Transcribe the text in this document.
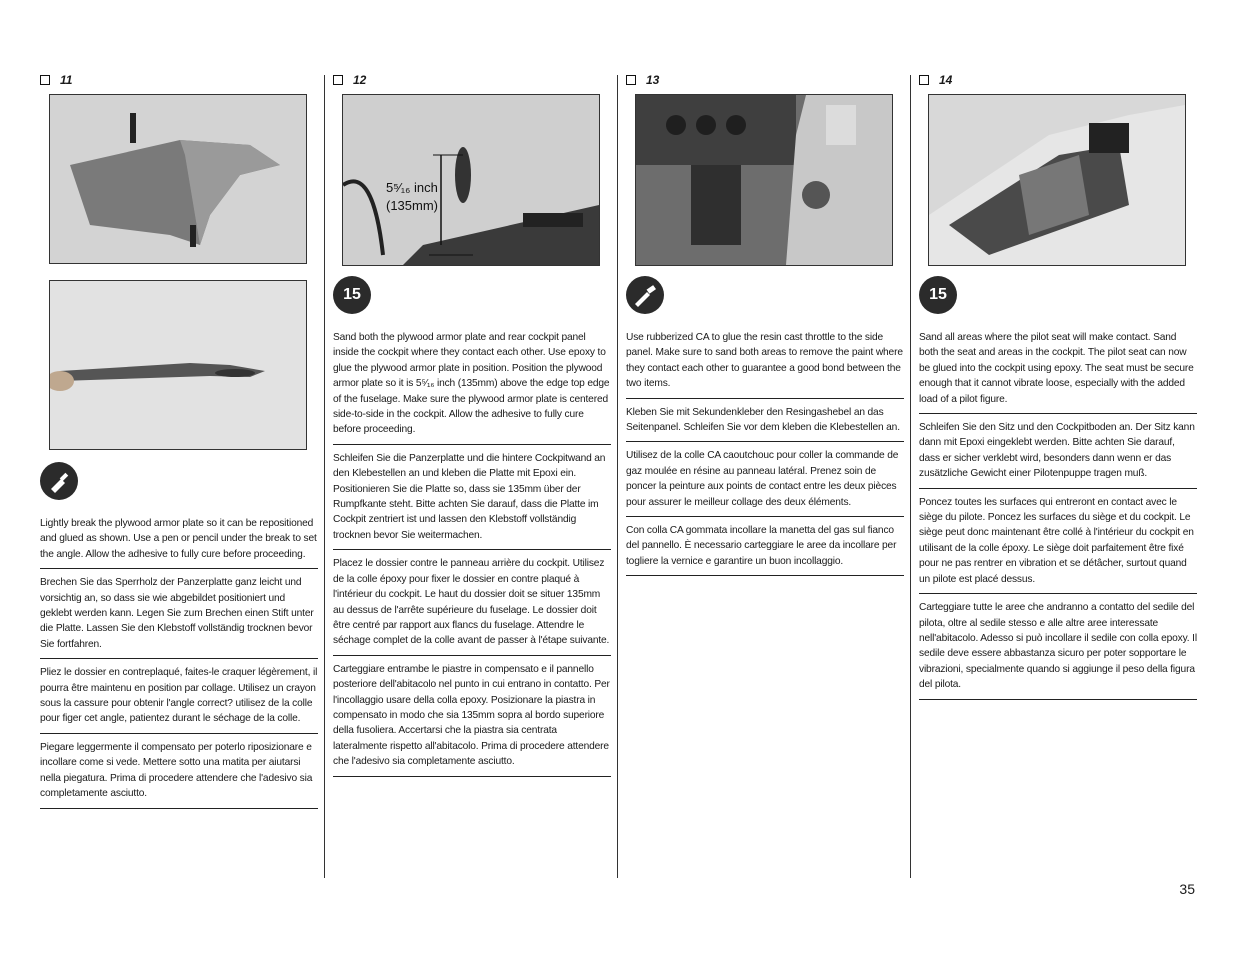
11
Lightly break the plywood armor plate so it can be repositioned and glued as shown. Use a pen or pencil under the break to set the angle. Allow the adhesive to fully cure before proceeding.
Brechen Sie das Sperrholz der Panzerplatte ganz leicht und vorsichtig an, so dass sie wie abgebildet positioniert und geklebt werden kann. Legen Sie zum Brechen einen Stift unter die Platte. Lassen Sie den Klebstoff vollständig trocknen bevor Sie fortfahren.
Pliez le dossier en contreplaqué, faites-le craquer légèrement, il pourra être maintenu en position par collage. Utilisez un crayon sous la cassure pour obtenir l'angle correct? utilisez de la colle pour figer cet angle, patientez durant le séchage de la colle.
Piegare leggermente il compensato per poterlo riposizionare e incollare come si vede. Mettere sotto una matita per aiutarsi nella piegatura. Prima di procedere attendere che l'adesivo sia completamente asciutto.
12
5⁵⁄₁₆ inch
(135mm)
15
Sand both the plywood armor plate and rear cockpit panel inside the cockpit where they contact each other. Use epoxy to glue the plywood armor plate in position. Position the plywood armor plate so it is 5⁵⁄₁₆ inch (135mm) above the edge top edge of the fuselage. Make sure the plywood armor plate is centered side-to-side in the cockpit. Allow the adhesive to fully cure before proceeding.
Schleifen Sie die Panzerplatte und die hintere Cockpitwand an den Klebestellen an und kleben die Platte mit Epoxi ein. Positionieren Sie die Platte so, dass sie 135mm über der Rumpfkante steht. Bitte achten Sie darauf, dass die Platte im Cockpit zentriert ist und lassen den Klebstoff vollständig trocknen bevor Sie weitermachen.
Placez le dossier contre le panneau arrière du cockpit. Utilisez de la colle époxy pour fixer le dossier en contre plaqué à l'intérieur du cockpit. Le haut du dossier doit se situer 135mm au dessus de l'arrête supérieure du fuselage. Le dossier doit être centré par rapport aux flancs du fuselage. Attendre le séchage complet de la colle avant de passer à l'étape suivante.
Carteggiare entrambe le piastre in compensato e il pannello posteriore dell'abitacolo nel punto in cui entrano in contatto. Per l'incollaggio usare della colla epoxy. Posizionare la piastra in compensato in modo che sia 135mm sopra al bordo superiore della fusoliera. Accertarsi che la piastra sia centrata lateralmente rispetto all'abitacolo. Prima di procedere attendere che l'adesivo sia completamente asciutto.
13
Use rubberized CA to glue the resin cast throttle to the side panel. Make sure to sand both areas to remove the paint where they contact each other to guarantee a good bond between the two items.
Kleben Sie mit Sekundenkleber den Resingashebel an das Seitenpanel. Schleifen Sie vor dem kleben die Klebestellen an.
Utilisez de la colle CA caoutchouc pour coller la commande de gaz moulée en résine au panneau latéral. Prenez soin de poncer la peinture aux points de contact entre les deux pièces pour assurer le meilleur collage des deux éléments.
Con colla CA gommata incollare la manetta del gas sul fianco del pannello. È necessario carteggiare le aree da incollare per togliere la vernice e garantire un buon incollaggio.
14
15
Sand all areas where the pilot seat will make contact. Sand both the seat and areas in the cockpit. The pilot seat can now be glued into the cockpit using epoxy. The seat must be secure enough that it cannot vibrate loose, especially with the added load of a pilot figure.
Schleifen Sie den Sitz und den Cockpitboden an. Der Sitz kann dann mit Epoxi eingeklebt werden. Bitte achten Sie darauf, dass er sicher verklebt wird, besonders dann wenn er das zusätzliche Gewicht einer Pilotenpuppe tragen muß.
Poncez toutes les surfaces qui entreront en contact avec le siège du pilote. Poncez les surfaces du siège et du cockpit. Le siège peut donc maintenant être collé à l'intérieur du cockpit en utilisant de la colle époxy. Le siège doit parfaitement être fixé pour ne pas rentrer en vibration et se détâcher, surtout quand un pilote est placé dessus.
Carteggiare tutte le aree che andranno a contatto del sedile del pilota, oltre al sedile stesso e alle altre aree interessate nell'abitacolo. Adesso si può incollare il sedile con colla epoxy. Il sedile deve essere abbastanza sicuro per poter sopportare le vibrazioni, specialmente quando si aggiunge il peso della figura del pilota.
35
